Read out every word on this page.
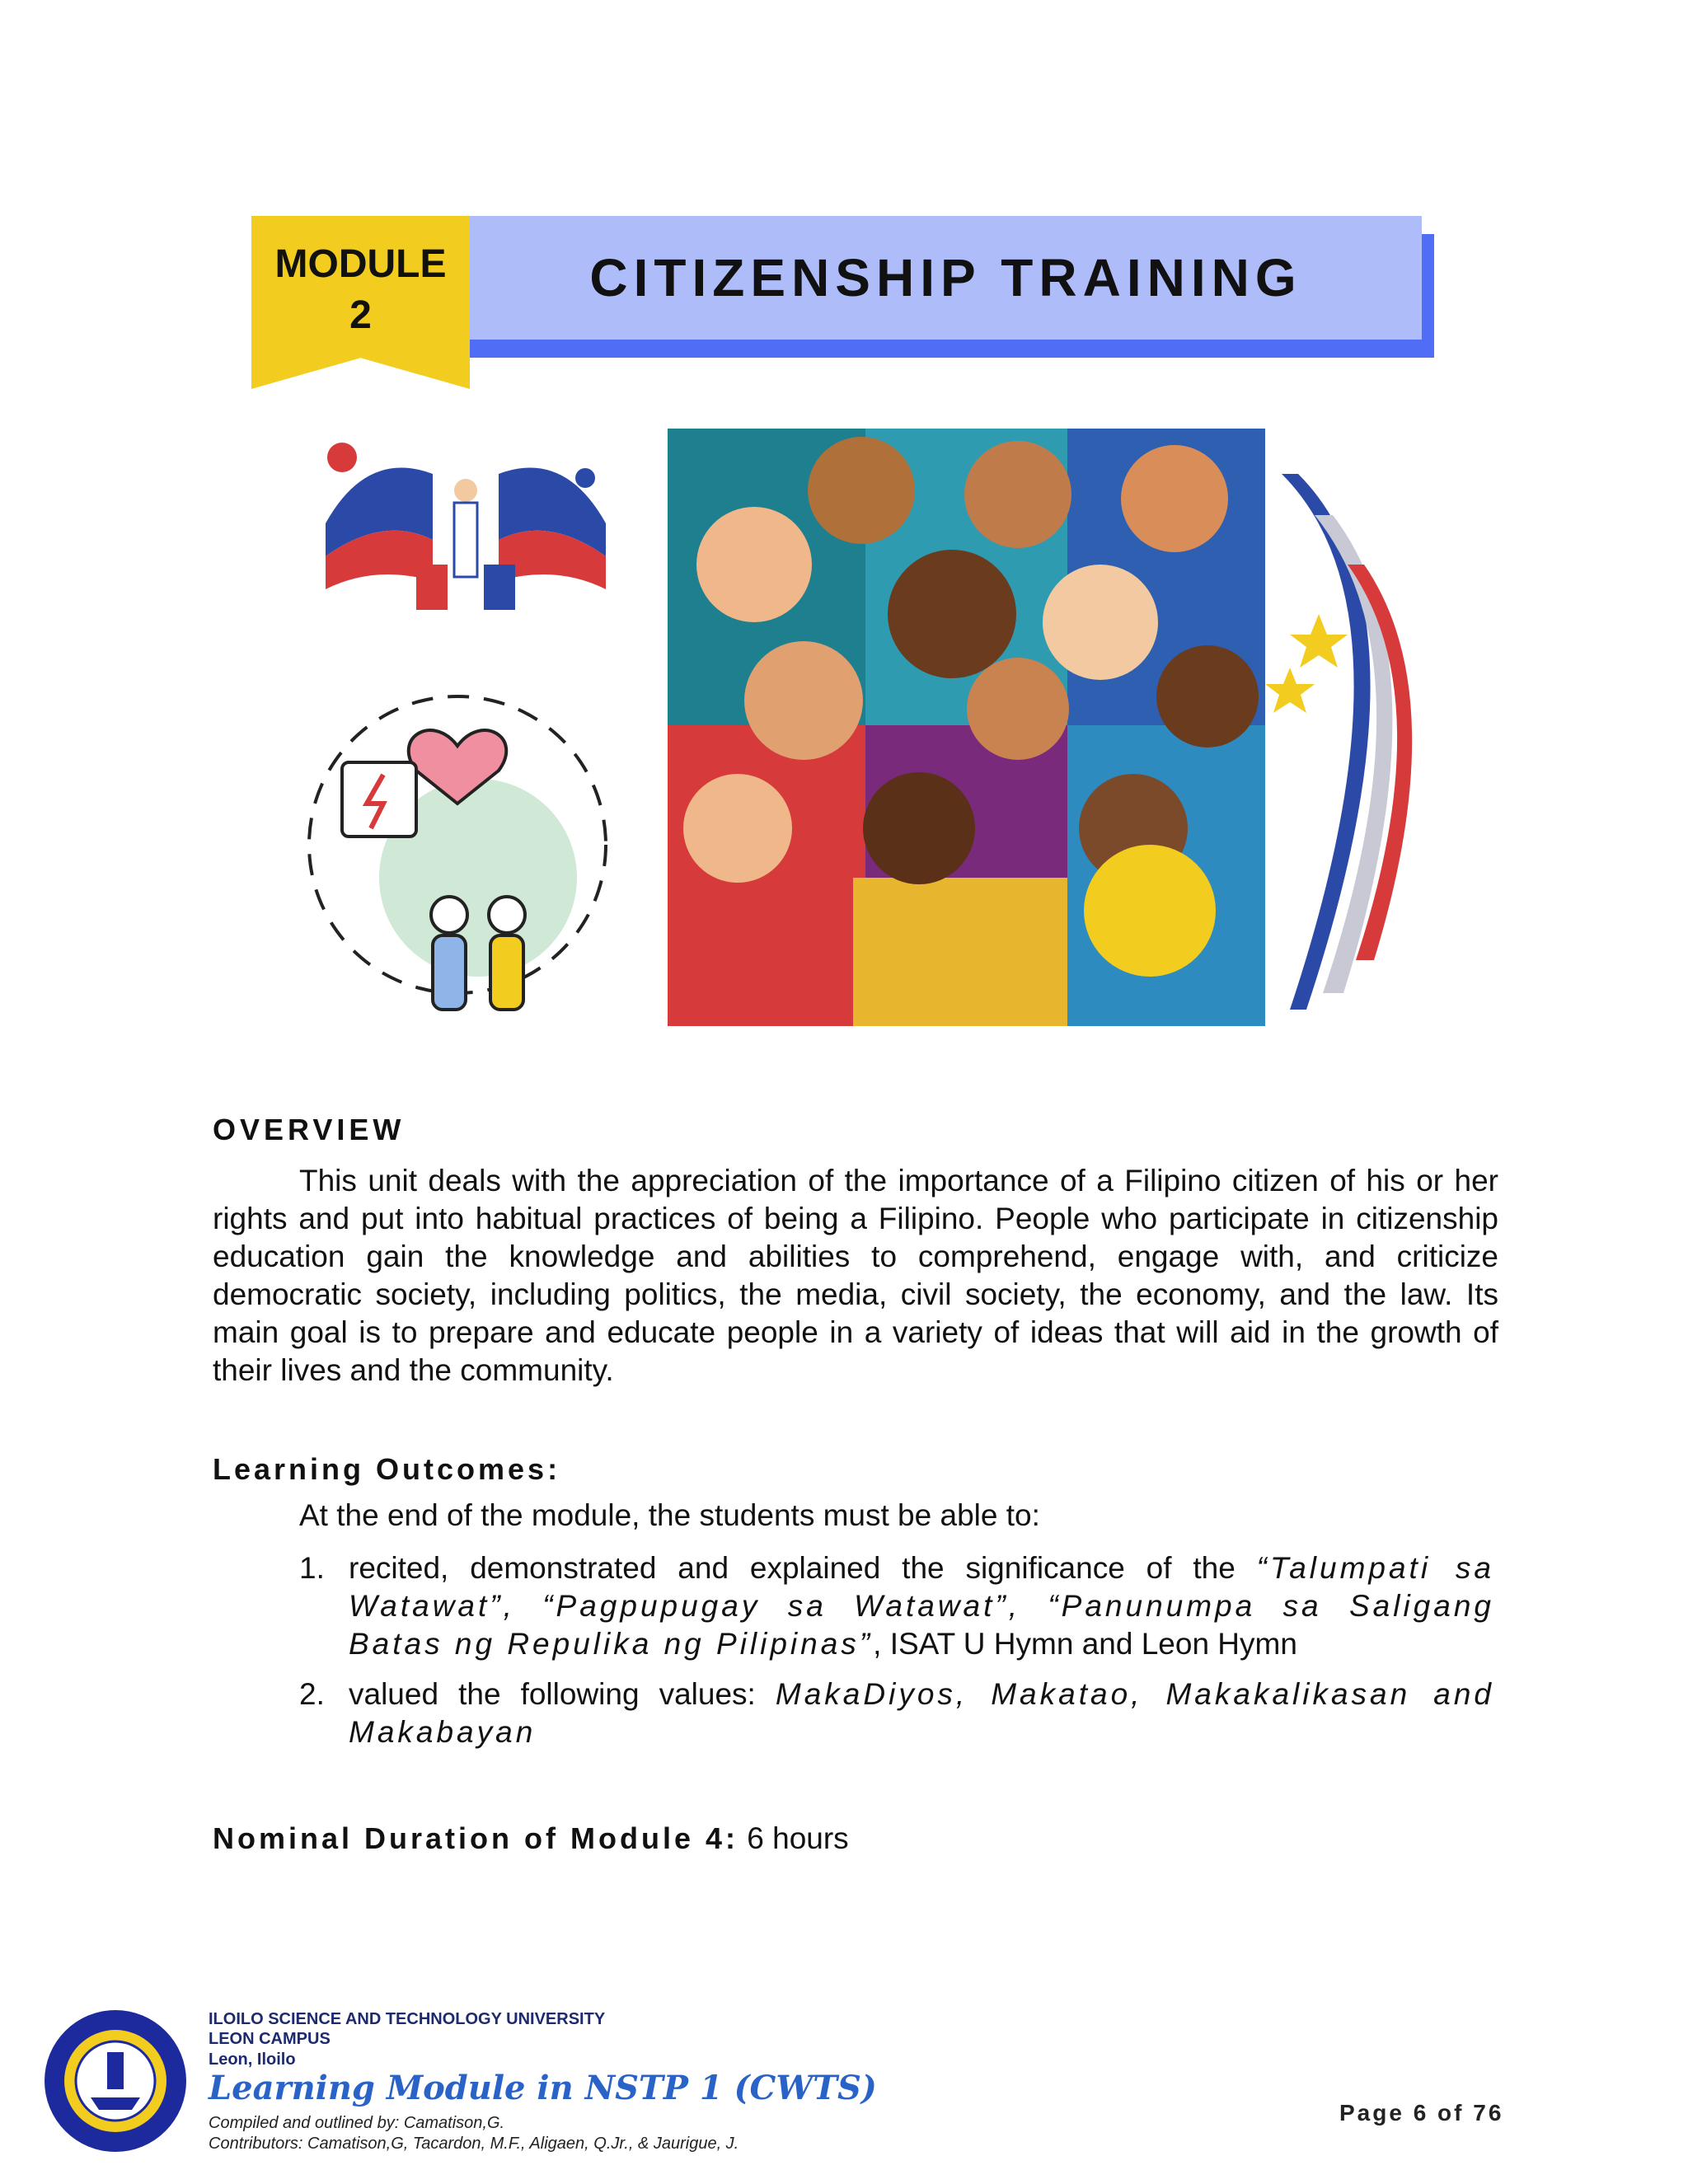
MODULE
2
CITIZENSHIP TRAINING
OVERVIEW

This unit deals with the appreciation of the importance of a Filipino citizen of his or her rights and put into habitual practices of being a Filipino. People who participate in citizenship education gain the knowledge and abilities to comprehend, engage with, and criticize democratic society, including politics, the media, civil society, the economy, and the law. Its main goal is to prepare and educate people in a variety of ideas that will aid in the growth of their lives and the community.

Learning Outcomes:
At the end of the module, the students must be able to:
1. recited, demonstrated and explained the significance of the “Talumpati sa Watawat”, “Pagpupugay sa Watawat”, “Panunumpa sa Saligang Batas ng Repulika ng Pilipinas”, ISAT U Hymn and Leon Hymn
2. valued the following values: MakaDiyos, Makatao, Makakalikasan and Makabayan
Nominal Duration of Module 4: 6 hours
ILOILO SCIENCE AND TECHNOLOGY UNIVERSITY
LEON CAMPUS
Leon, Iloilo
Learning Module in NSTP 1 (CWTS)
Compiled and outlined by: Camatison,G.
Contributors: Camatison,G, Tacardon, M.F., Aligaen, Q.Jr., & Jaurigue, J.
Page 6 of 76
